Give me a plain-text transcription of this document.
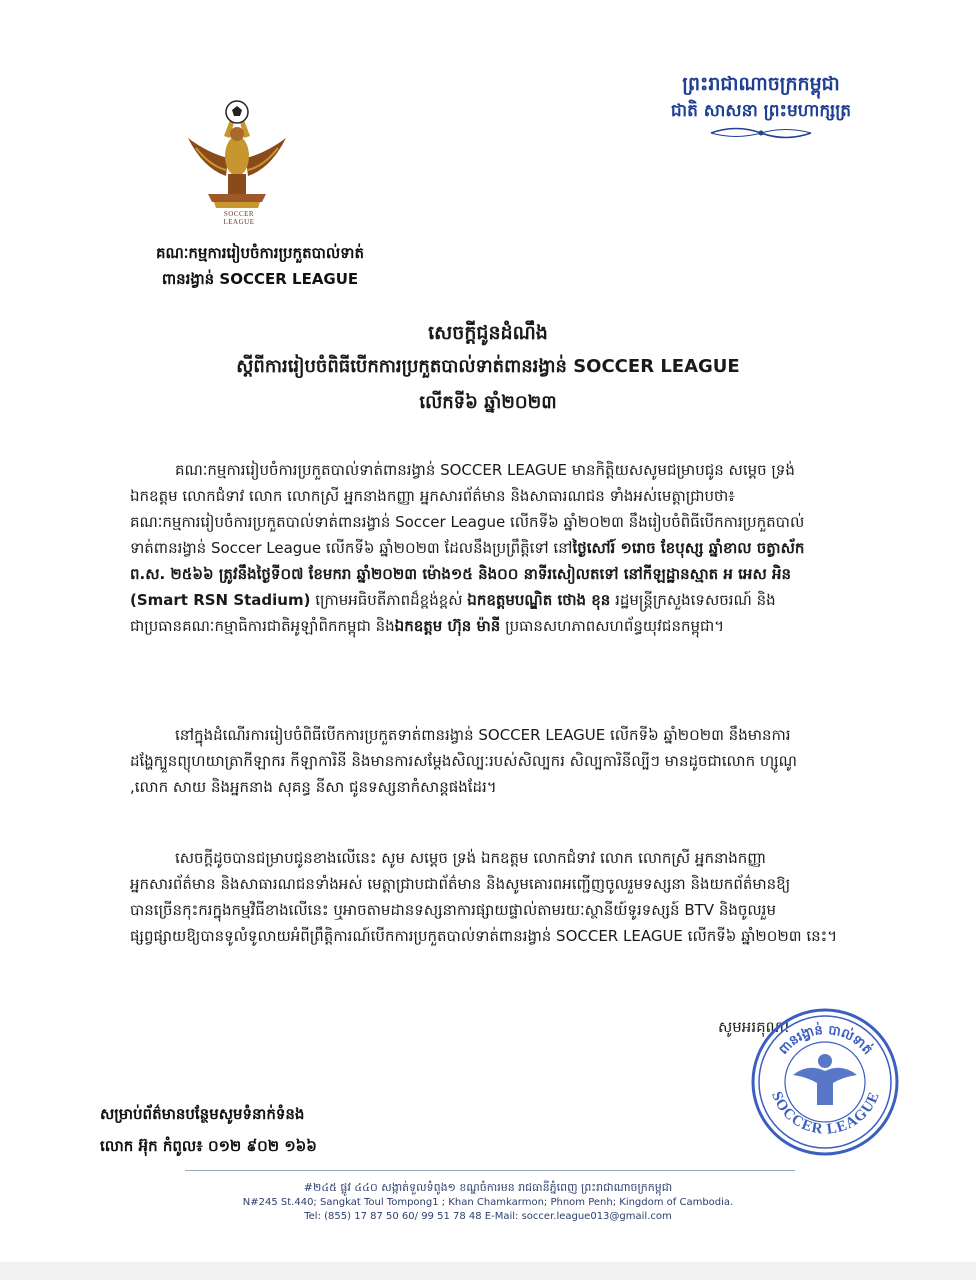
SOCCER LEAGUE
ព្រះរាជាណាចក្រកម្ពុជា
ជាតិ សាសនា ព្រះមហាក្សត្រ
គណៈកម្មការរៀបចំការប្រកួតបាល់ទាត់
ពានរង្វាន់ SOCCER LEAGUE
សេចក្តីជូនដំណឹង
ស្តីពីការរៀបចំពិធីបើកការប្រកួតបាល់ទាត់ពានរង្វាន់ SOCCER LEAGUE
លើកទី៦ ឆ្នាំ២០២៣
គណៈកម្មការរៀបចំការប្រកួតបាល់ទាត់ពានរង្វាន់ SOCCER LEAGUE មានកិត្តិយសសូមជម្រាបជូន សម្តេច ទ្រង់
ឯកឧត្តម លោកជំទាវ លោក លោកស្រី អ្នកនាងកញ្ញា អ្នកសារព័ត៌មាន និងសាធារណជន ទាំងអស់មេត្តាជ្រាបថា៖
គណៈកម្មការរៀបចំការប្រកួតបាល់ទាត់ពានរង្វាន់ Soccer League លើកទី៦ ឆ្នាំ២០២៣ នឹងរៀបចំពិធីបើកការប្រកួតបាល់
ទាត់ពានរង្វាន់ Soccer League លើកទី៦ ឆ្នាំ២០២៣ ដែលនឹងប្រព្រឹត្តិទៅ នៅថ្ងៃសៅរ៍ ១រោច ខែបុស្ស ឆ្នាំខាល ចត្វាស័ក
ព.ស. ២៥៦៦ ត្រូវនឹងថ្ងៃទី០៧ ខែមករា ឆ្នាំ២០២៣ ម៉ោង១៥ និង០០ នាទីរសៀលតទៅ នៅកីឡដ្ឋានស្មាត អ អេស អិន
(Smart RSN Stadium) ក្រោមអធិបតីភាពដ៏ខ្ពង់ខ្ពស់ ឯកឧត្តមបណ្ឌិត ថោង ខុន រដ្ឋមន្ត្រីក្រសួងទេសចរណ៍ និង
ជាប្រធានគណៈកម្មាធិការជាតិអូឡាំពិកកម្ពុជា និងឯកឧត្តម ហ៊ុន ម៉ានី ប្រធានសហភាពសហព័ន្ធយុវជនកម្ពុជា។
នៅក្នុងដំណើរការរៀបចំពិធីបើកការប្រកួតទាត់ពានរង្វាន់ SOCCER LEAGUE លើកទី៦ ឆ្នាំ២០២៣ នឹងមានការ
ដង្ហែក្បួនព្យុហយាត្រាកីឡាករ កីឡាការិនី និងមានការសម្តែងសិល្បៈរបស់សិល្បករ សិល្បការិនីល្បីៗ មានដូចជាលោក ហ្សូណូ
,លោក សាយ និងអ្នកនាង សុគន្ធ នីសា ជូនទស្សនាកំសាន្តផងដែរ។
សេចក្តីដូចបានជម្រាបជូនខាងលើនេះ សូម សម្តេច ទ្រង់ ឯកឧត្តម លោកជំទាវ លោក លោកស្រី អ្នកនាងកញ្ញា
អ្នកសារព័ត៌មាន និងសាធារណជនទាំងអស់ មេត្តាជ្រាបជាព័ត៌មាន និងសូមគោរពអញ្ជើញចូលរួមទស្សនា និងយកព័ត៌មានឱ្យ
បានច្រើនកុះករក្នុងកម្មវិធីខាងលើនេះ ឬអាចតាមដានទស្សនាការផ្សាយផ្ទាល់តាមរយៈស្ថានីយ៍ទូរទស្សន៍ BTV និងចូលរួម
ផ្សព្វផ្សាយឱ្យបានទូលំទូលាយអំពីព្រឹត្តិការណ៍បើកការប្រកួតបាល់ទាត់ពានរង្វាន់ SOCCER LEAGUE លើកទី៦ ឆ្នាំ២០២៣ នេះ។
សូមអរគុណ!
SOCCER LEAGUE
ពានរង្វាន់ បាល់ទាត់
សម្រាប់ព័ត៌មានបន្ថែមសូមទំនាក់ទំនង
លោក អ៊ុក កំពូល៖ ០១២ ៩០២ ១៦៦
#២៤៥ ផ្លូវ ៤៤០ សង្កាត់ទួលទំពូង១ ខណ្ឌចំការមន រាជធានីភ្នំពេញ ព្រះរាជាណាចក្រកម្ពុជា
N#245 St.440; Sangkat Toul Tompong1 ; Khan Chamkarmon; Phnom Penh; Kingdom of Cambodia.
Tel: (855) 17 87 50 60/ 99 51 78 48 E-Mail: soccer.league013@gmail.com
